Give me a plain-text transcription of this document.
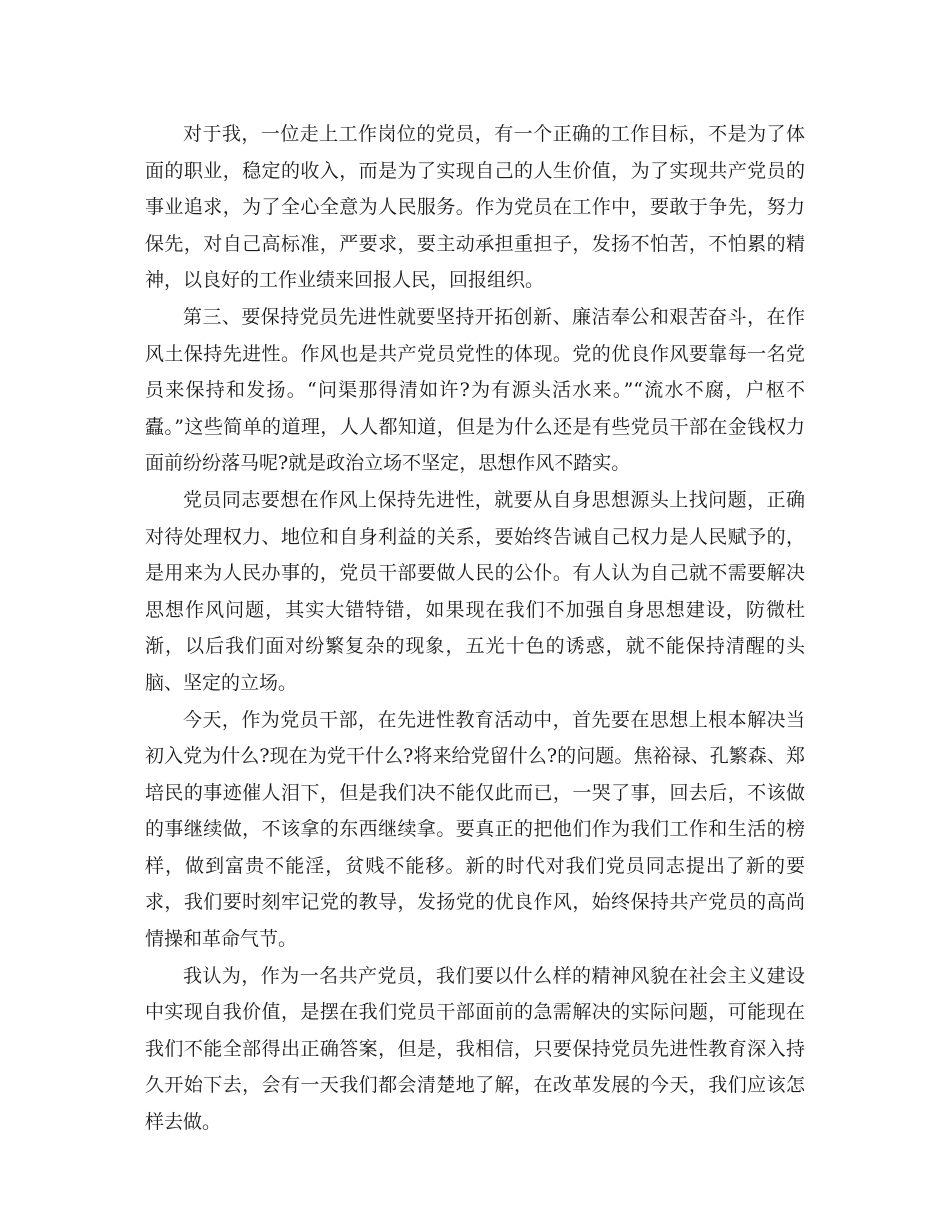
对于我，一位走上工作岗位的党员，有一个正确的工作目标，不是为了体面的职业，稳定的收入，而是为了实现自己的人生价值，为了实现共产党员的事业追求，为了全心全意为人民服务。作为党员在工作中，要敢于争先，努力保先，对自己高标准，严要求，要主动承担重担子，发扬不怕苦，不怕累的精神，以良好的工作业绩来回报人民，回报组织。

第三、要保持党员先进性就要坚持开拓创新、廉洁奉公和艰苦奋斗，在作风土保持先进性。作风也是共产党员党性的体现。党的优良作风要靠每一名党员来保持和发扬。“问渠那得清如许?为有源头活水来。”“流水不腐，户枢不蠹。”这些简单的道理，人人都知道，但是为什么还是有些党员干部在金钱权力面前纷纷落马呢?就是政治立场不坚定，思想作风不踏实。

党员同志要想在作风上保持先进性，就要从自身思想源头上找问题，正确对待处理权力、地位和自身利益的关系，要始终告诫自己权力是人民赋予的，是用来为人民办事的，党员干部要做人民的公仆。有人认为自己就不需要解决思想作风问题，其实大错特错，如果现在我们不加强自身思想建设，防微杜渐，以后我们面对纷繁复杂的现象，五光十色的诱惑，就不能保持清醒的头脑、坚定的立场。

今天，作为党员干部，在先进性教育活动中，首先要在思想上根本解决当初入党为什么?现在为党干什么?将来给党留什么?的问题。焦裕禄、孔繁森、郑培民的事迹催人泪下，但是我们决不能仅此而已，一哭了事，回去后，不该做的事继续做，不该拿的东西继续拿。要真正的把他们作为我们工作和生活的榜样，做到富贵不能淫，贫贱不能移。新的时代对我们党员同志提出了新的要求，我们要时刻牢记党的教导，发扬党的优良作风，始终保持共产党员的高尚情操和革命气节。

我认为，作为一名共产党员，我们要以什么样的精神风貌在社会主义建设中实现自我价值，是摆在我们党员干部面前的急需解决的实际问题，可能现在我们不能全部得出正确答案，但是，我相信，只要保持党员先进性教育深入持久开始下去，会有一天我们都会清楚地了解，在改革发展的今天，我们应该怎样去做。
